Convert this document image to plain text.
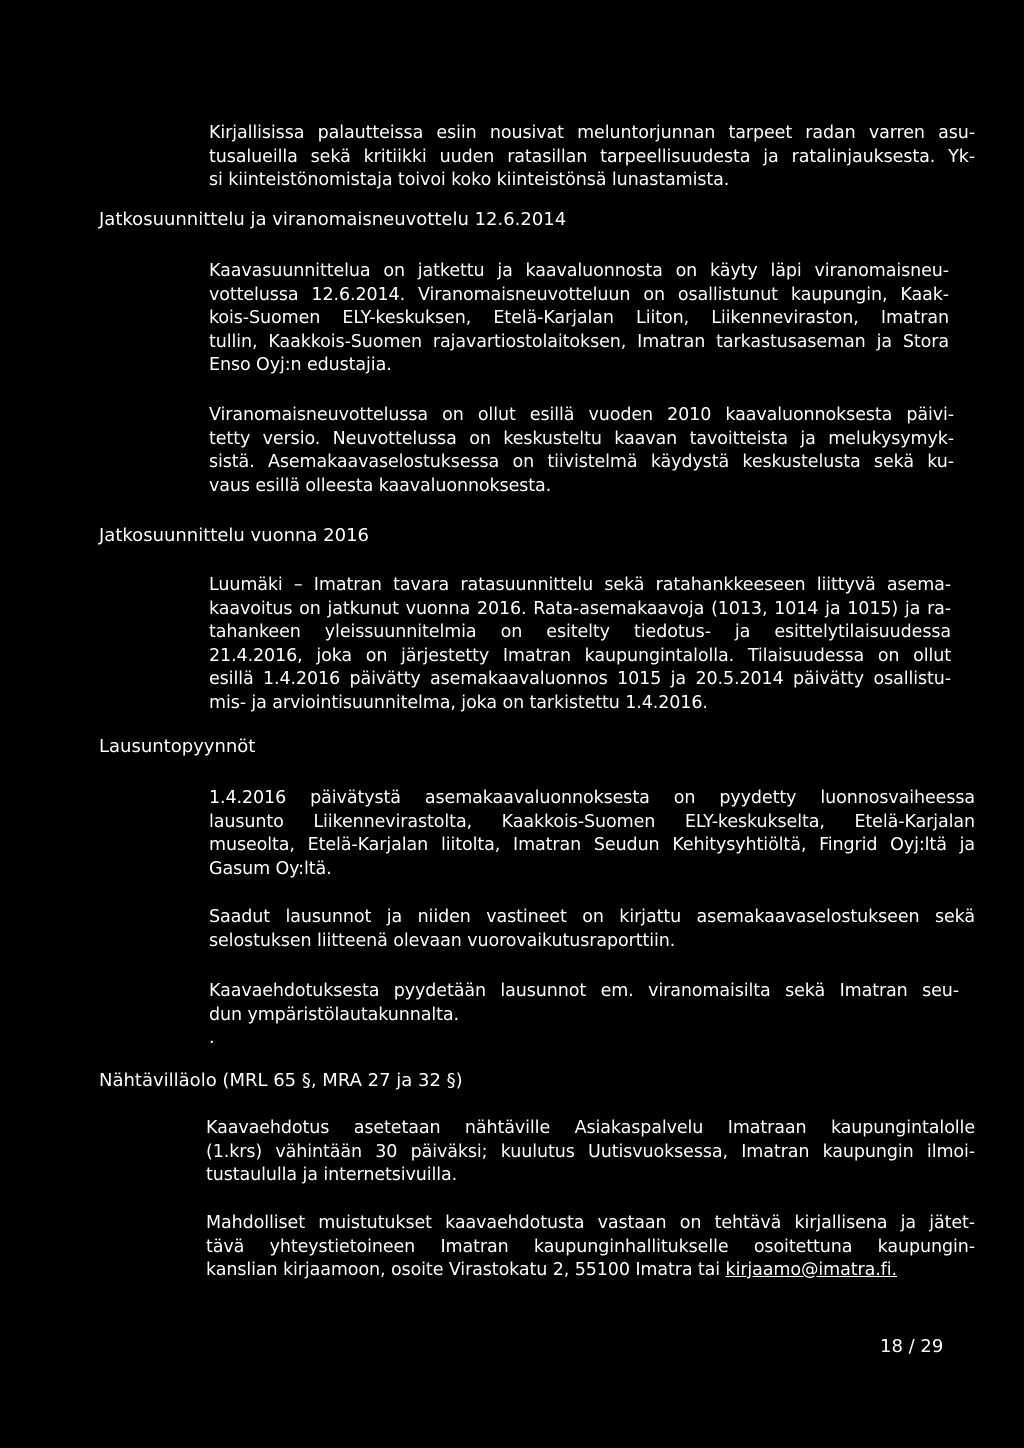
Kirjallisissa palautteissa esiin nousivat meluntorjunnan tarpeet radan varren asu-
tusalueilla sekä kritiikki uuden ratasillan tarpeellisuudesta ja ratalinjauksesta. Yk-
si kiinteistönomistaja toivoi koko kiinteistönsä lunastamista.
Jatkosuunnittelu ja viranomaisneuvottelu 12.6.2014
Kaavasuunnittelua on jatkettu ja kaavaluonnosta on käyty läpi viranomaisneu-
vottelussa 12.6.2014. Viranomaisneuvotteluun on osallistunut kaupungin, Kaak-
kois-Suomen ELY-keskuksen, Etelä-Karjalan Liiton, Liikenneviraston, Imatran
tullin, Kaakkois-Suomen rajavartiostolaitoksen, Imatran tarkastusaseman ja Stora
Enso Oyj:n edustajia.
Viranomaisneuvottelussa on ollut esillä vuoden 2010 kaavaluonnoksesta päivi-
tetty versio. Neuvottelussa on keskusteltu kaavan tavoitteista ja melukysymyk-
sistä. Asemakaavaselostuksessa on tiivistelmä käydystä keskustelusta sekä ku-
vaus esillä olleesta kaavaluonnoksesta.
Jatkosuunnittelu vuonna 2016
Luumäki – Imatran tavara ratasuunnittelu sekä ratahankkeeseen liittyvä asema-
kaavoitus on jatkunut vuonna 2016. Rata-asemakaavoja (1013, 1014 ja 1015) ja ra-
tahankeen yleissuunnitelmia on esitelty tiedotus- ja esittelytilaisuudessa
21.4.2016, joka on järjestetty Imatran kaupungintalolla. Tilaisuudessa on ollut
esillä 1.4.2016 päivätty asemakaavaluonnos 1015 ja 20.5.2014 päivätty osallistu-
mis- ja arviointisuunnitelma, joka on tarkistettu 1.4.2016.
Lausuntopyynnöt
1.4.2016 päivätystä asemakaavaluonnoksesta on pyydetty luonnosvaiheessa
lausunto Liikennevirastolta, Kaakkois-Suomen ELY-keskukselta, Etelä-Karjalan
museolta, Etelä-Karjalan liitolta, Imatran Seudun Kehitysyhtiöltä, Fingrid Oyj:ltä ja
Gasum Oy:ltä.
Saadut lausunnot ja niiden vastineet on kirjattu asemakaavaselostukseen sekä
selostuksen liitteenä olevaan vuorovaikutusraporttiin.
Kaavaehdotuksesta pyydetään lausunnot em. viranomaisilta sekä Imatran seu-
dun ympäristölautakunnalta.
.
Nähtävilläolo (MRL 65 §, MRA 27 ja 32 §)
Kaavaehdotus asetetaan nähtäville Asiakaspalvelu Imatraan kaupungintalolle
(1.krs) vähintään 30 päiväksi; kuulutus Uutisvuoksessa, Imatran kaupungin ilmoi-
tustaululla ja internetsivuilla.
Mahdolliset muistutukset kaavaehdotusta vastaan on tehtävä kirjallisena ja jätet-
tävä yhteystietoineen Imatran kaupunginhallitukselle osoitettuna kaupungin-
kanslian kirjaamoon, osoite Virastokatu 2, 55100 Imatra tai kirjaamo@imatra.fi.
18 / 29
